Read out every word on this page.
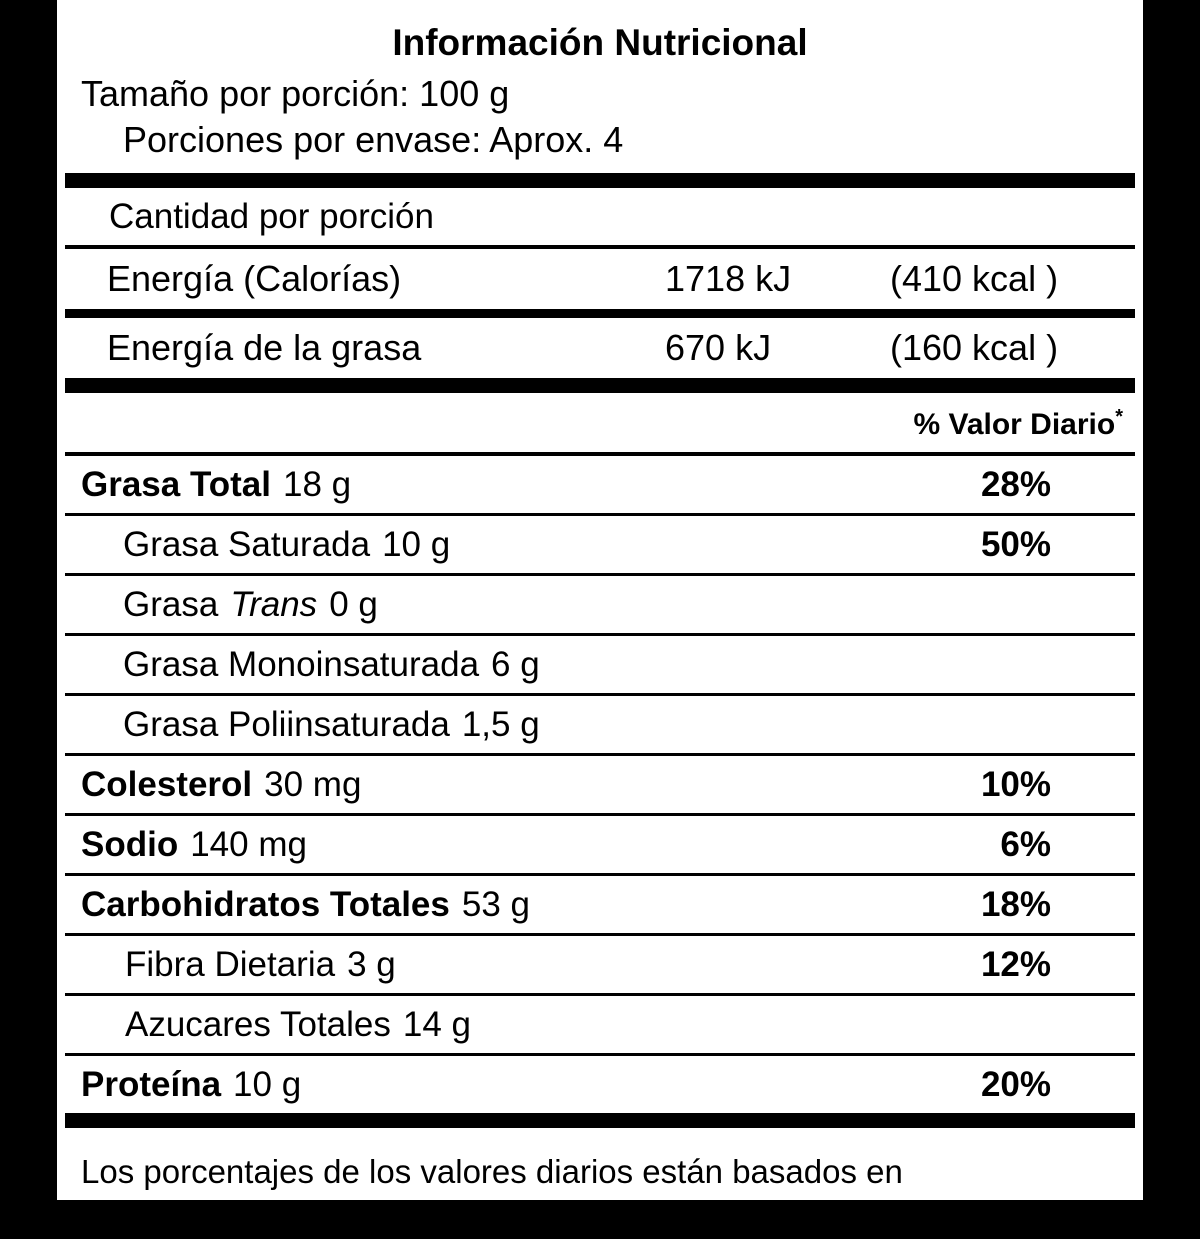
Información Nutricional
Tamaño por porción: 100 g
Porciones por envase: Aprox. 4
Cantidad por porción
Energía (Calorías)	1718 kJ	(410 kcal )
Energía de la grasa	670 kJ	(160 kcal )
% Valor Diario*
Grasa Total 18 g	28%
Grasa Saturada 10 g	50%
Grasa Trans 0 g
Grasa Monoinsaturada 6 g
Grasa Poliinsaturada 1,5 g
Colesterol 30 mg	10%
Sodio 140 mg	6%
Carbohidratos Totales 53 g	18%
Fibra Dietaria 3 g	12%
Azucares Totales 14 g
Proteína 10 g	20%
Los porcentajes de los valores diarios están basados en
una dieta de 8380 kJ (2 000 kilo calorías)
